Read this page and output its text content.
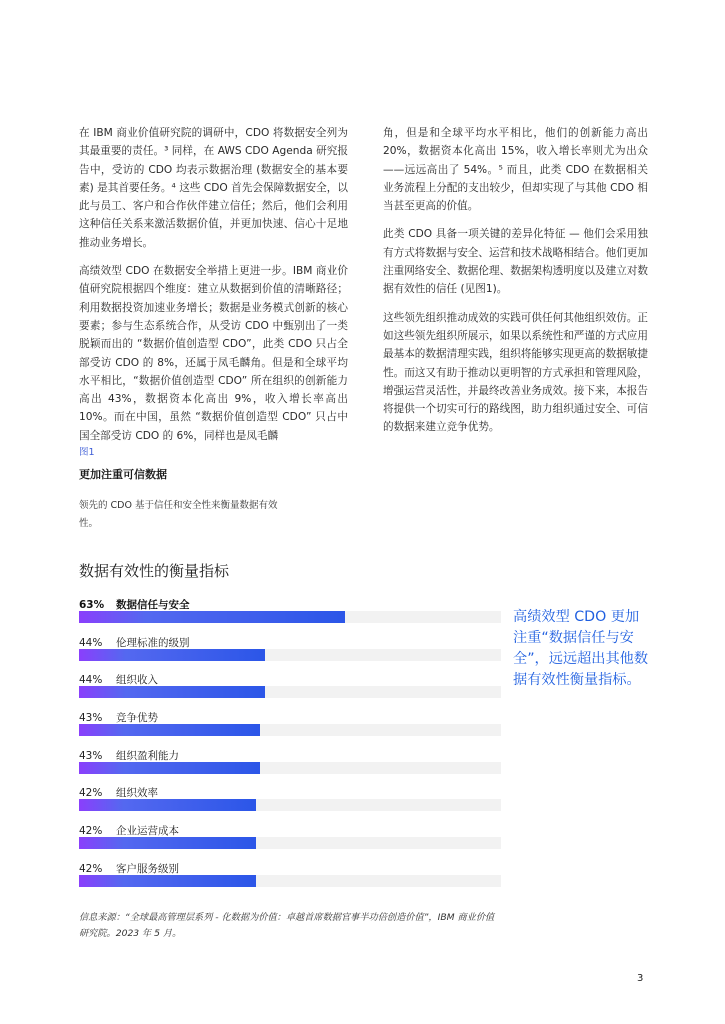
在 IBM 商业价值研究院的调研中，CDO 将数据安全列为其最重要的责任。³ 同样，在 AWS CDO Agenda 研究报告中，受访的 CDO 均表示数据治理 (数据安全的基本要素) 是其首要任务。⁴ 这些 CDO 首先会保障数据安全，以此与员工、客户和合作伙伴建立信任；然后，他们会利用这种信任关系来激活数据价值，并更加快速、信心十足地推动业务增长。

高绩效型 CDO 在数据安全举措上更进一步。IBM 商业价值研究院根据四个维度：建立从数据到价值的清晰路径；利用数据投资加速业务增长；数据是业务模式创新的核心要素；参与生态系统合作，从受访 CDO 中甄别出了一类脱颖而出的 “数据价值创造型 CDO”，此类 CDO 只占全部受访 CDO 的 8%，还属于凤毛麟角。但是和全球平均水平相比，“数据价值创造型 CDO” 所在组织的创新能力高出 43%，数据资本化高出 9%，收入增长率高出 10%。而在中国，虽然 “数据价值创造型 CDO” 只占中国全部受访 CDO 的 6%，同样也是凤毛麟

角，但是和全球平均水平相比，他们的创新能力高出 20%，数据资本化高出 15%，收入增长率则尤为出众——远远高出了 54%。⁵ 而且，此类 CDO 在数据相关业务流程上分配的支出较少，但却实现了与其他 CDO 相当甚至更高的价值。

此类 CDO 具备一项关键的差异化特征 — 他们会采用独有方式将数据与安全、运营和技术战略相结合。他们更加注重网络安全、数据伦理、数据架构透明度以及建立对数据有效性的信任 (见图1)。

这些领先组织推动成效的实践可供任何其他组织效仿。正如这些领先组织所展示，如果以系统性和严谨的方式应用最基本的数据清理实践，组织将能够实现更高的数据敏捷性。而这又有助于推动以更明智的方式承担和管理风险，增强运营灵活性，并最终改善业务成效。接下来，本报告将提供一个切实可行的路线图，助力组织通过安全、可信的数据来建立竞争优势。

图1
更加注重可信数据
领先的 CDO 基于信任和安全性来衡量数据有效性。
数据有效性的衡量指标
63% 数据信任与安全
44% 伦理标准的级别
44% 组织收入
43% 竞争优势
43% 组织盈利能力
42% 组织效率
42% 企业运营成本
42% 客户服务级别
高绩效型 CDO 更加注重“数据信任与安全”，远远超出其他数据有效性衡量指标。
信息来源：“全球最高管理层系列 - 化数据为价值：卓越首席数据官事半功倍创造价值”，IBM 商业价值研究院。2023 年 5 月。
3
